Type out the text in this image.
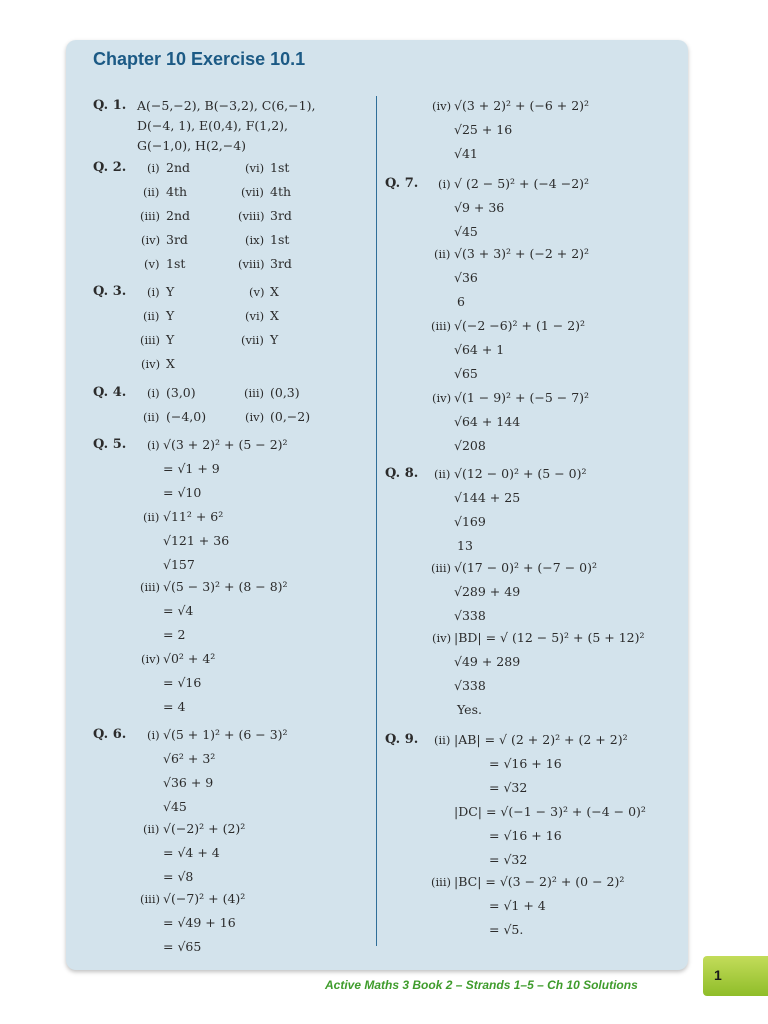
Chapter 10 Exercise 10.1
Q. 1. A(−5,−2), B(−3,2), C(6,−1),
D(−4, 1), E(0,4), F(1,2),
G(−1,0), H(2,−4)
Q. 2. (i) 2nd	(vi) 1st
(ii) 4th	(vii) 4th
(iii) 2nd	(viii) 3rd
(iv) 3rd	(ix) 1st
(v) 1st	(viii) 3rd
Q. 3. (i) Y	(v) X
(ii) Y	(vi) X
(iii) Y	(vii) Y
(iv) X
Q. 4. (i) (3,0)	(iii) (0,3)
(ii) (−4,0)	(iv) (0,−2)
Q. 5. (i) √(3 + 2)² + (5 − 2)²
= √1 + 9
= √10
(ii) √11² + 6²
√121 + 36
√157
(iii) √(5 − 3)² + (8 − 8)²
= √4
= 2
(iv) √0² + 4²
= √16
= 4
Q. 6. (i) √(5 + 1)² + (6 − 3)²
√6² + 3²
√36 + 9
√45
(ii) √(−2)² + (2)²
= √4 + 4
= √8
(iii) √(−7)² + (4)²
= √49 + 16
= √65
(iv) √(3 + 2)² + (−6 + 2)²
√25 + 16
√41
Q. 7. (i) √ (2 − 5)² + (−4 −2)²
√9 + 36
√45
(ii) √(3 + 3)² + (−2 + 2)²
√36
6
(iii) √(−2 −6)² + (1 − 2)²
√64 + 1
√65
(iv) √(1 − 9)² + (−5 − 7)²
√64 + 144
√208
Q. 8. (ii) √(12 − 0)² + (5 − 0)²
√144 + 25
√169
13
(iii) √(17 − 0)² + (−7 − 0)²
√289 + 49
√338
(iv) |BD| = √ (12 − 5)² + (5 + 12)²
√49 + 289
√338
Yes.
Q. 9. (ii) |AB| = √ (2 + 2)² + (2 + 2)²
= √16 + 16
= √32
|DC| = √(−1 − 3)² + (−4 − 0)²
= √16 + 16
= √32
(iii) |BC| = √(3 − 2)² + (0 − 2)²
= √1 + 4
= √5.
Active Maths 3 Book 2 – Strands 1–5 – Ch 10 Solutions
1
